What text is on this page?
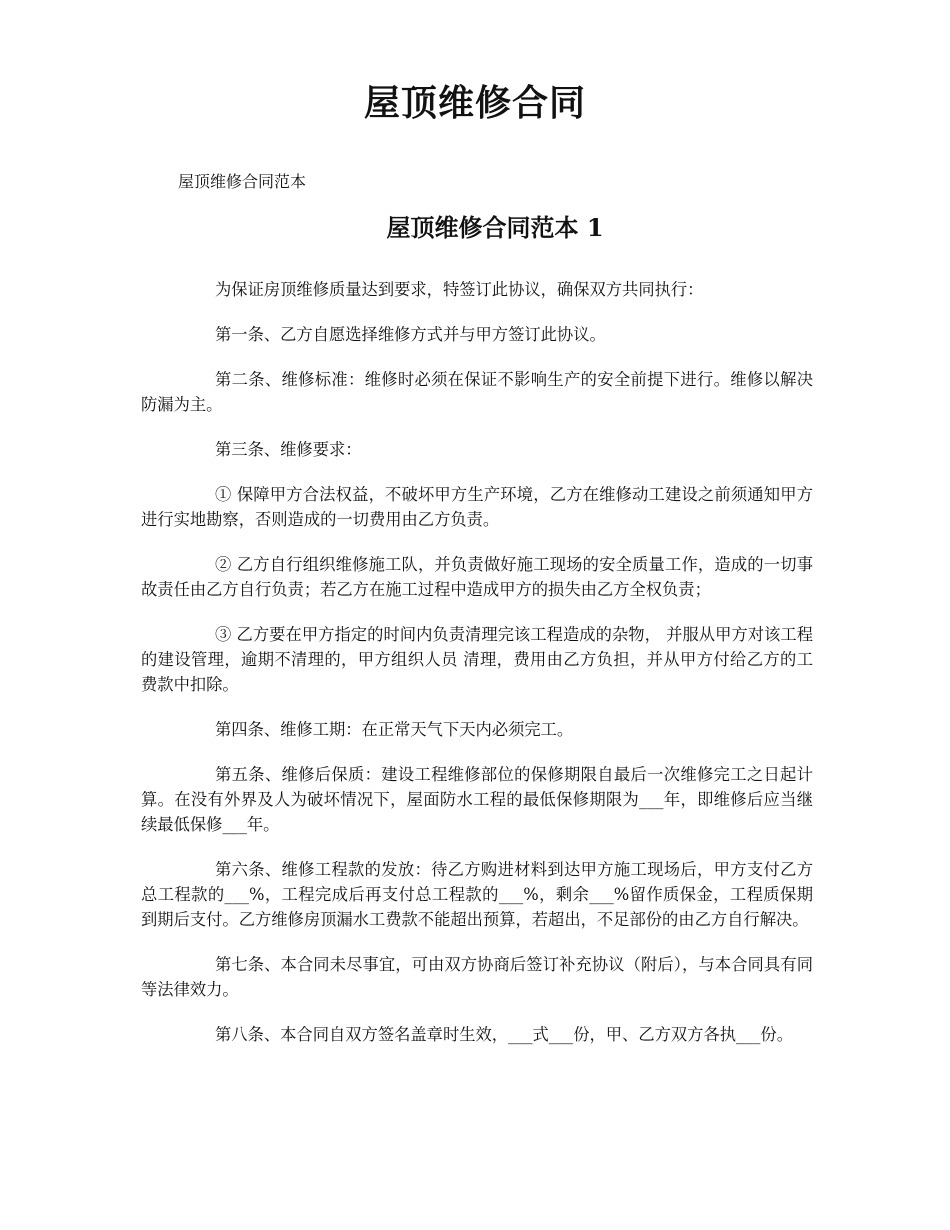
屋顶维修合同

屋顶维修合同范本

屋顶维修合同范本 1

为保证房顶维修质量达到要求，特签订此协议，确保双方共同执行：

第一条、乙方自愿选择维修方式并与甲方签订此协议。

第二条、维修标准：维修时必须在保证不影响生产的安全前提下进行。维修以解决防漏为主。

第三条、维修要求：

① 保障甲方合法权益，不破坏甲方生产环境，乙方在维修动工建设之前须通知甲方进行实地勘察，否则造成的一切费用由乙方负责。

② 乙方自行组织维修施工队，并负责做好施工现场的安全质量工作，造成的一切事故责任由乙方自行负责；若乙方在施工过程中造成甲方的损失由乙方全权负责；

③ 乙方要在甲方指定的时间内负责清理完该工程造成的杂物， 并服从甲方对该工程的建设管理，逾期不清理的，甲方组织人员 清理，费用由乙方负担，并从甲方付给乙方的工费款中扣除。

第四条、维修工期：在正常天气下天内必须完工。

第五条、维修后保质：建设工程维修部位的保修期限自最后一次维修完工之日起计算。在没有外界及人为破坏情况下，屋面防水工程的最低保修期限为___年，即维修后应当继续最低保修___年。

第六条、维修工程款的发放：待乙方购进材料到达甲方施工现场后，甲方支付乙方总工程款的___%，工程完成后再支付总工程款的___%，剩余___%留作质保金，工程质保期到期后支付。乙方维修房顶漏水工费款不能超出预算，若超出，不足部份的由乙方自行解决。

第七条、本合同未尽事宜，可由双方协商后签订补充协议（附后），与本合同具有同等法律效力。

第八条、本合同自双方签名盖章时生效，___式___份，甲、乙方双方各执___份。
